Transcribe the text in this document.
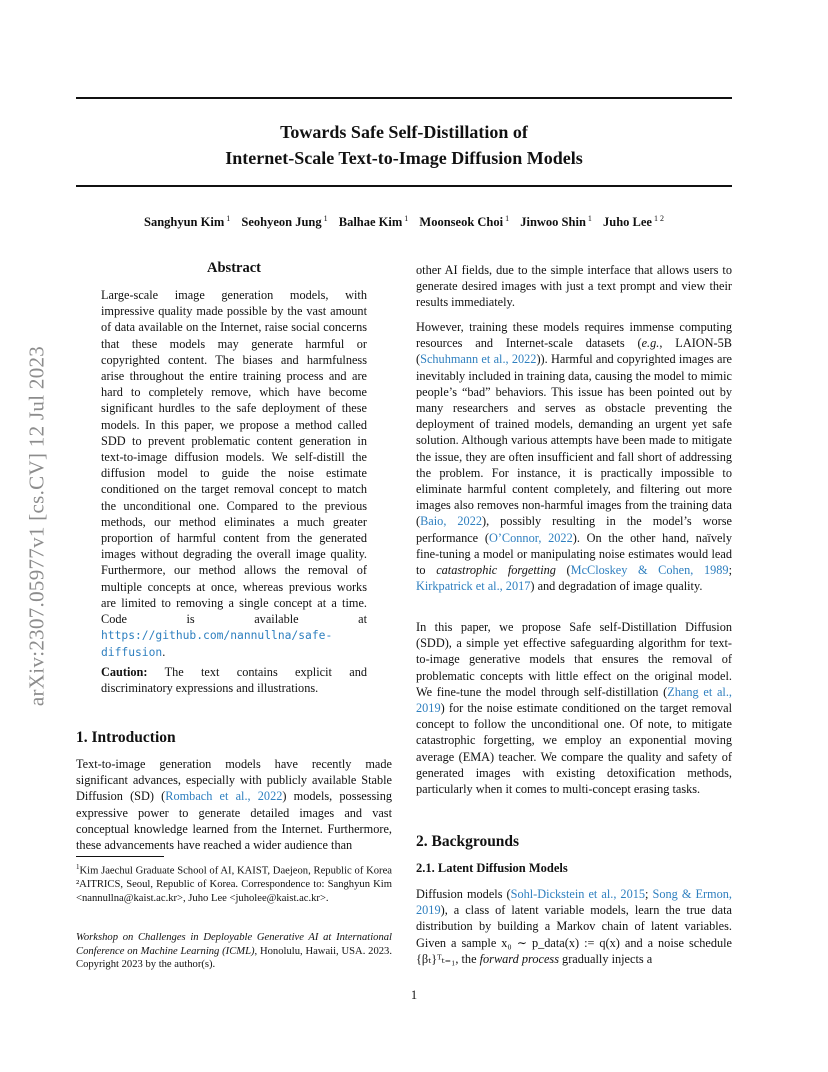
Towards Safe Self-Distillation of
Internet-Scale Text-to-Image Diffusion Models
Sanghyun Kim $^1$ Seohyeon Jung $^1$ Balhae Kim $^1$ Moonseok Choi $^1$ Jinwoo Shin $^1$ Juho Lee $^{1 2}$
arXiv:2307.05977v1 [cs.CV] 12 Jul 2023
Abstract

Large-scale image generation models, with impressive quality made possible by the vast amount of data available on the Internet, raise social concerns that these models may generate harmful or copyrighted content. The biases and harmfulness arise throughout the entire training process and are hard to completely remove, which have become significant hurdles to the safe deployment of these models. In this paper, we propose a method called SDD to prevent problematic content generation in text-to-image diffusion models. We self-distill the diffusion model to guide the noise estimate conditioned on the target removal concept to match the unconditional one. Compared to the previous methods, our method eliminates a much greater proportion of harmful content from the generated images without degrading the overall image quality. Furthermore, our method allows the removal of multiple concepts at once, whereas previous works are limited to removing a single concept at a time. Code is available at https://github.com/nannullna/safe-diffusion.

Caution: The text contains explicit and discriminatory expressions and illustrations.

1. Introduction

Text-to-image generation models have recently made significant advances, especially with publicly available Stable Diffusion (SD) (Rombach et al., 2022) models, possessing expressive power to generate detailed images and vast conceptual knowledge learned from the Internet. Furthermore, these advancements have reached a wider audience than

$^1$Kim Jaechul Graduate School of AI, KAIST, Daejeon, Republic of Korea ²AITRICS, Seoul, Republic of Korea. Correspondence to: Sanghyun Kim <nannullna@kaist.ac.kr>, Juho Lee <juholee@kaist.ac.kr>.

Workshop on Challenges in Deployable Generative AI at International Conference on Machine Learning (ICML), Honolulu, Hawaii, USA. 2023. Copyright 2023 by the author(s).

other AI fields, due to the simple interface that allows users to generate desired images with just a text prompt and view their results immediately.

However, training these models requires immense computing resources and Internet-scale datasets (e.g., LAION-5B (Schuhmann et al., 2022)). Harmful and copyrighted images are inevitably included in training data, causing the model to mimic people’s “bad” behaviors. This issue has been pointed out by many researchers and serves as obstacle preventing the deployment of trained models, demanding an urgent yet safe solution. Although various attempts have been made to mitigate the issue, they are often insufficient and fall short of addressing the problem. For instance, it is practically impossible to eliminate harmful content completely, and filtering out more images also removes non-harmful images from the training data (Baio, 2022), possibly resulting in the model’s worse performance (O’Connor, 2022). On the other hand, naïvely fine-tuning a model or manipulating noise estimates would lead to catastrophic forgetting (McCloskey & Cohen, 1989; Kirkpatrick et al., 2017) and degradation of image quality.

In this paper, we propose Safe self-Distillation Diffusion (SDD), a simple yet effective safeguarding algorithm for text-to-image generative models that ensures the removal of problematic concepts with little effect on the original model. We fine-tune the model through self-distillation (Zhang et al., 2019) for the noise estimate conditioned on the target removal concept to follow the unconditional one. Of note, to mitigate catastrophic forgetting, we employ an exponential moving average (EMA) teacher. We compare the quality and safety of generated images with existing detoxification methods, particularly when it comes to multi-concept erasing tasks.

2. Backgrounds
2.1. Latent Diffusion Models

Diffusion models (Sohl-Dickstein et al., 2015; Song & Ermon, 2019), a class of latent variable models, learn the true data distribution by building a Markov chain of latent variables. Given a sample x₀ ∼ p_data(x) := q(x) and a noise schedule {βₜ}ᵀₜ₌₁, the forward process gradually injects a

1
